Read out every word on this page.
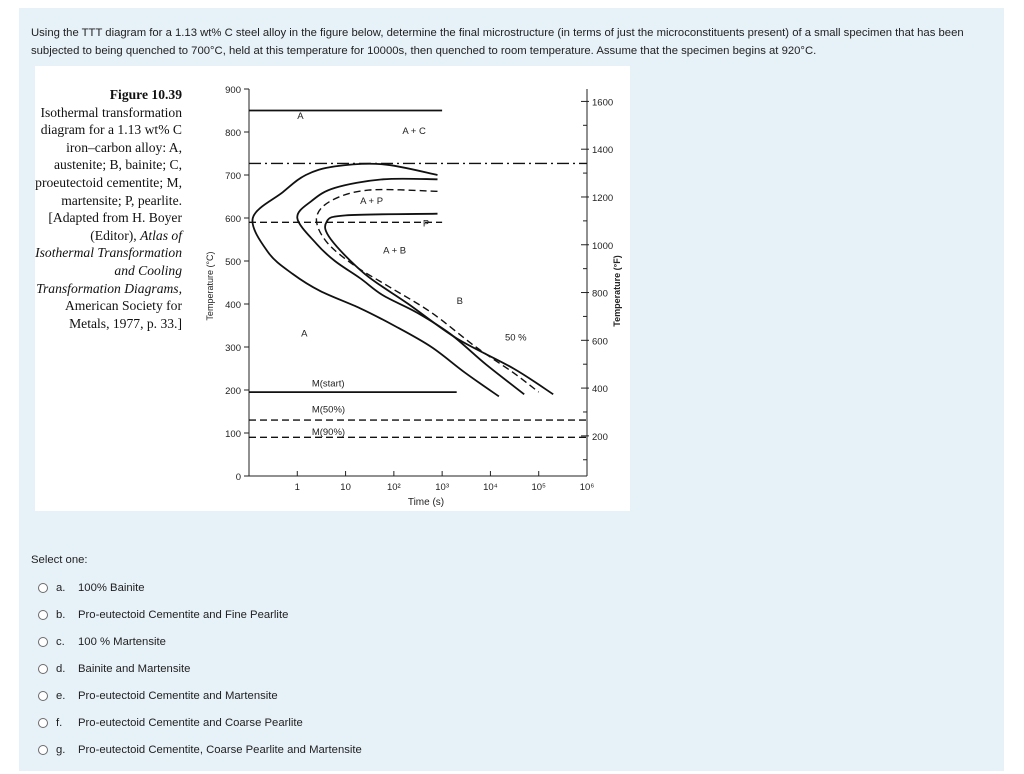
Using the TTT diagram for a 1.13 wt% C steel alloy in the figure below, determine the final microstructure (in terms of just the microconstituents present) of a small specimen that has been subjected to being quenched to 700°C, held at this temperature for 10000s, then quenched to room temperature. Assume that the specimen begins at 920°C.
Figure 10.39
Isothermal transformation diagram for a 1.13 wt% C iron–carbon alloy: A, austenite; B, bainite; C, proeutectoid cementite; M, martensite; P, pearlite. [Adapted from H. Boyer (Editor), Atlas of Isothermal Transformation and Cooling Transformation Diagrams, American Society for Metals, 1977, p. 33.]
0
100
200
300
400
500
600
700
800
900
200
400
600
800
1000
1200
1400
1600
1	10	10²	10³	10⁴	10⁵	10⁶
Time (s)
Temperature (°C)	Temperature (°F)
A
A + C
A + P
P
A + B
B
A	50 %
M(start)
M(50%)
M(90%)
Select one:
a.	100% Bainite
b.	Pro-eutectoid Cementite and Fine Pearlite
c.	100 % Martensite
d.	Bainite and Martensite
e.	Pro-eutectoid Cementite and Martensite
f.	Pro-eutectoid Cementite and Coarse Pearlite
g.	Pro-eutectoid Cementite, Coarse Pearlite and Martensite
